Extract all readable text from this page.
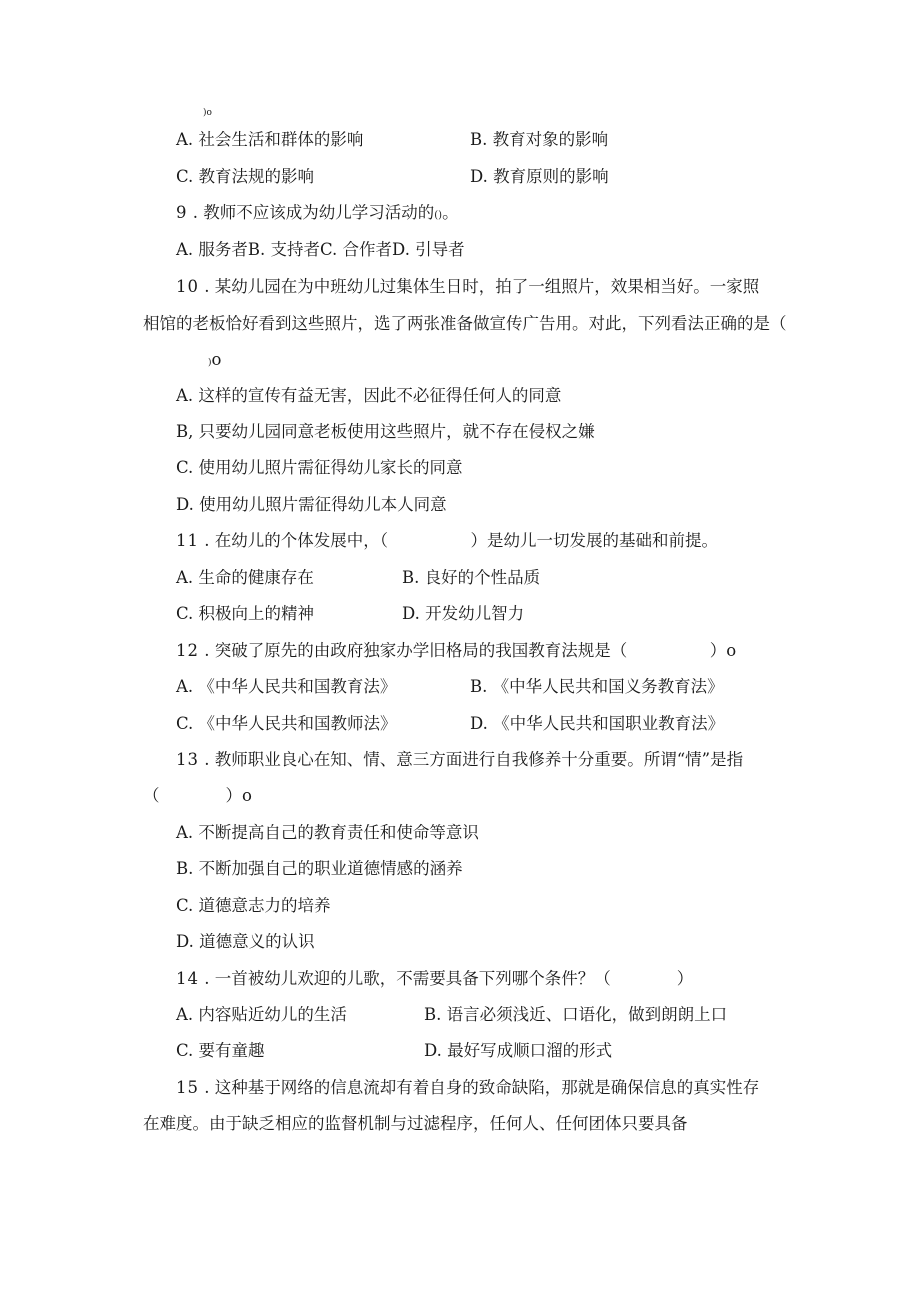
)o
A. 社会生活和群体的影响	B. 教育对象的影响
C. 教育法规的影响	D. 教育原则的影响
9 . 教师不应该成为幼儿学习活动的()。
A. 服务者B. 支持者C. 合作者D. 引导者
10 . 某幼儿园在为中班幼儿过集体生日时，拍了一组照片，效果相当好。一家照
相馆的老板恰好看到这些照片，选了两张准备做宣传广告用。对此，下列看法正确的是（
)o
A. 这样的宣传有益无害，因此不必征得任何人的同意
B, 只要幼儿园同意老板使用这些照片，就不存在侵权之嫌
C. 使用幼儿照片需征得幼儿家长的同意
D. 使用幼儿照片需征得幼儿本人同意
11 . 在幼儿的个体发展中，（　　　　　）是幼儿一切发展的基础和前提。
A. 生命的健康存在	B. 良好的个性品质
C. 积极向上的精神	D. 开发幼儿智力
12 . 突破了原先的由政府独家办学旧格局的我国教育法规是（　　　　　）o
A. 《中华人民共和国教育法》	B. 《中华人民共和国义务教育法》
C. 《中华人民共和国教师法》	D. 《中华人民共和国职业教育法》
13 . 教师职业良心在知、情、意三方面进行自我修养十分重要。所谓“情”是指
（　　　　）o
A. 不断提高自己的教育责任和使命等意识
B. 不断加强自己的职业道德情感的涵养
C. 道德意志力的培养
D. 道德意义的认识
14 . 一首被幼儿欢迎的儿歌，不需要具备下列哪个条件？（　　　　）
A. 内容贴近幼儿的生活	B. 语言必须浅近、口语化，做到朗朗上口
C. 要有童趣	D. 最好写成顺口溜的形式
15 . 这种基于网络的信息流却有着自身的致命缺陷，那就是确保信息的真实性存
在难度。由于缺乏相应的监督机制与过滤程序，任何人、任何团体只要具备
